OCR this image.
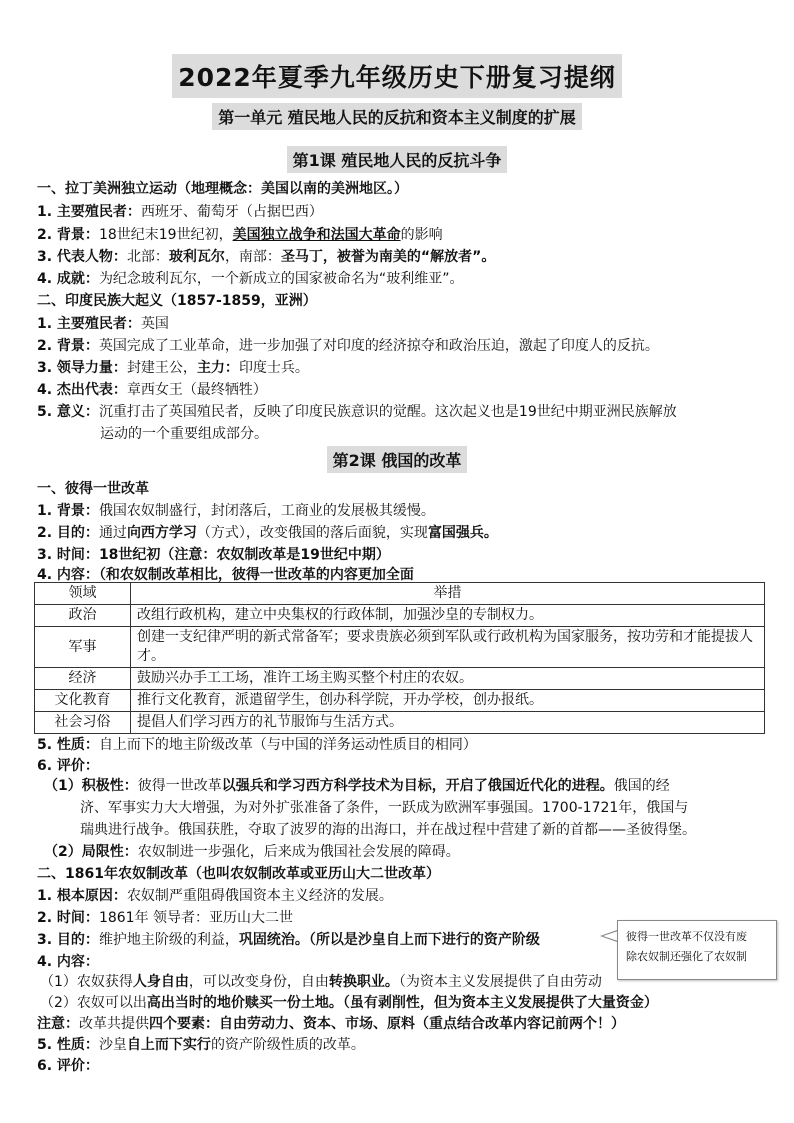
2022年夏季九年级历史下册复习提纲
第一单元 殖民地人民的反抗和资本主义制度的扩展
第1课 殖民地人民的反抗斗争
一、拉丁美洲独立运动（地理概念：美国以南的美洲地区。）
1. 主要殖民者：西班牙、葡萄牙（占据巴西）
2. 背景：18世纪末19世纪初，美国独立战争和法国大革命的影响
3. 代表人物：北部：玻利瓦尔，南部：圣马丁，被誉为南美的“解放者”。
4. 成就：为纪念玻利瓦尔，一个新成立的国家被命名为“玻利维亚”。
二、印度民族大起义（1857-1859，亚洲）
1. 主要殖民者：英国
2. 背景：英国完成了工业革命，进一步加强了对印度的经济掠夺和政治压迫，激起了印度人的反抗。
3. 领导力量：封建王公，主力：印度士兵。
4. 杰出代表：章西女王（最终牺牲）
5. 意义：沉重打击了英国殖民者，反映了印度民族意识的觉醒。这次起义也是19世纪中期亚洲民族解放
运动的一个重要组成部分。
第2课 俄国的改革
一、彼得一世改革
1. 背景：俄国农奴制盛行，封闭落后，工商业的发展极其缓慢。
2. 目的：通过向西方学习（方式），改变俄国的落后面貌，实现富国强兵。
3. 时间：18世纪初（注意：农奴制改革是19世纪中期）
4. 内容：（和农奴制改革相比，彼得一世改革的内容更加全面
领域	举措
政治	改组行政机构，建立中央集权的行政体制，加强沙皇的专制权力。
军事	创建一支纪律严明的新式常备军；要求贵族必须到军队或行政机构为国家服务，按功劳和才能提拔人才。
经济	鼓励兴办手工工场，准许工场主购买整个村庄的农奴。
文化教育	推行文化教育，派遣留学生，创办科学院，开办学校，创办报纸。
社会习俗	提倡人们学习西方的礼节服饰与生活方式。
5. 性质：自上而下的地主阶级改革（与中国的洋务运动性质目的相同）
6. 评价：
（1）积极性：彼得一世改革以强兵和学习西方科学技术为目标，开启了俄国近代化的进程。俄国的经
济、军事实力大大增强，为对外扩张准备了条件，一跃成为欧洲军事强国。1700-1721年，俄国与
瑞典进行战争。俄国获胜，夺取了波罗的海的出海口，并在战过程中营建了新的首都——圣彼得堡。
（2）局限性：农奴制进一步强化，后来成为俄国社会发展的障碍。
二、1861年农奴制改革（也叫农奴制改革或亚历山大二世改革）
1. 根本原因：农奴制严重阻碍俄国资本主义经济的发展。
2. 时间：1861年 领导者：亚历山大二世
3. 目的：维护地主阶级的利益，巩固统治。（所以是沙皇自上而下进行的资产阶级
4. 内容：
（1）农奴获得人身自由，可以改变身份，自由转换职业。（为资本主义发展提供了自由劳动
（2）农奴可以出高出当时的地价赎买一份土地。（虽有剥削性，但为资本主义发展提供了大量资金）
注意：改革共提供四个要素：自由劳动力、资本、市场、原料（重点结合改革内容记前两个！）
5. 性质：沙皇自上而下实行的资产阶级性质的改革。
6. 评价：
彼得一世改革不仅没有废
除农奴制还强化了农奴制
